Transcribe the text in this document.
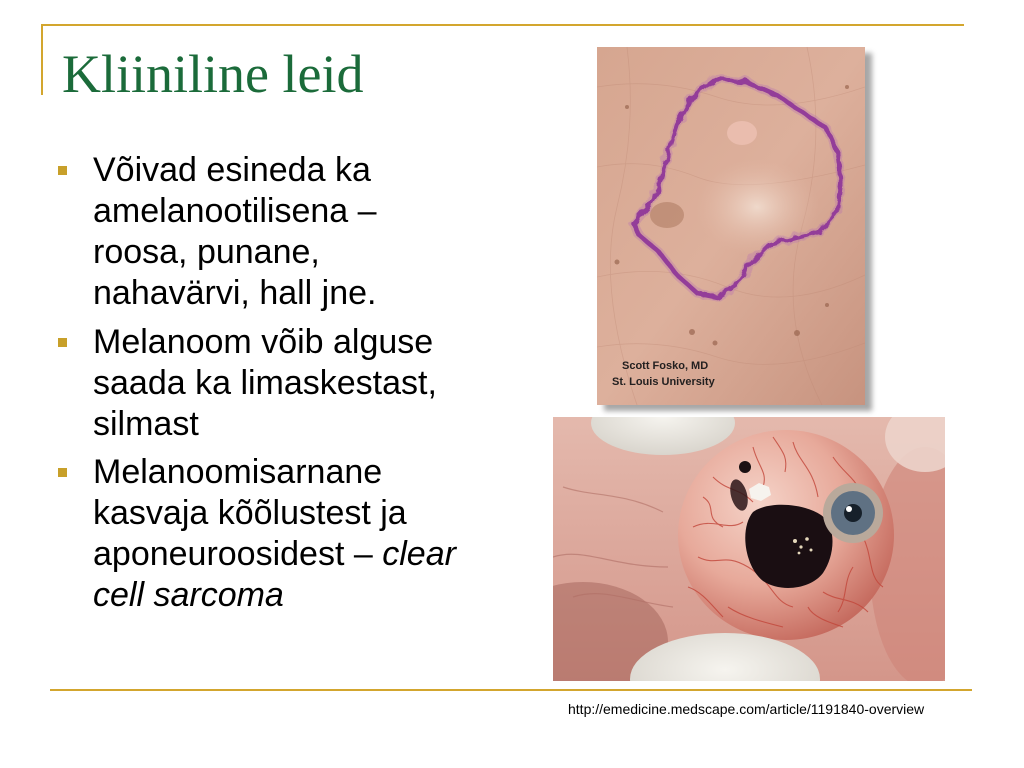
Kliiniline leid
Võivad esineda ka
amelanootilisena –
roosa, punane,
nahavärvi, hall jne.
Melanoom võib alguse
saada ka limaskestast,
silmast
Melanoomisarnane
kasvaja kõõlustest ja
aponeuroosidest – clear
cell sarcoma
Scott Fosko, MD
St. Louis University
http://emedicine.medscape.com/article/1191840-overview
